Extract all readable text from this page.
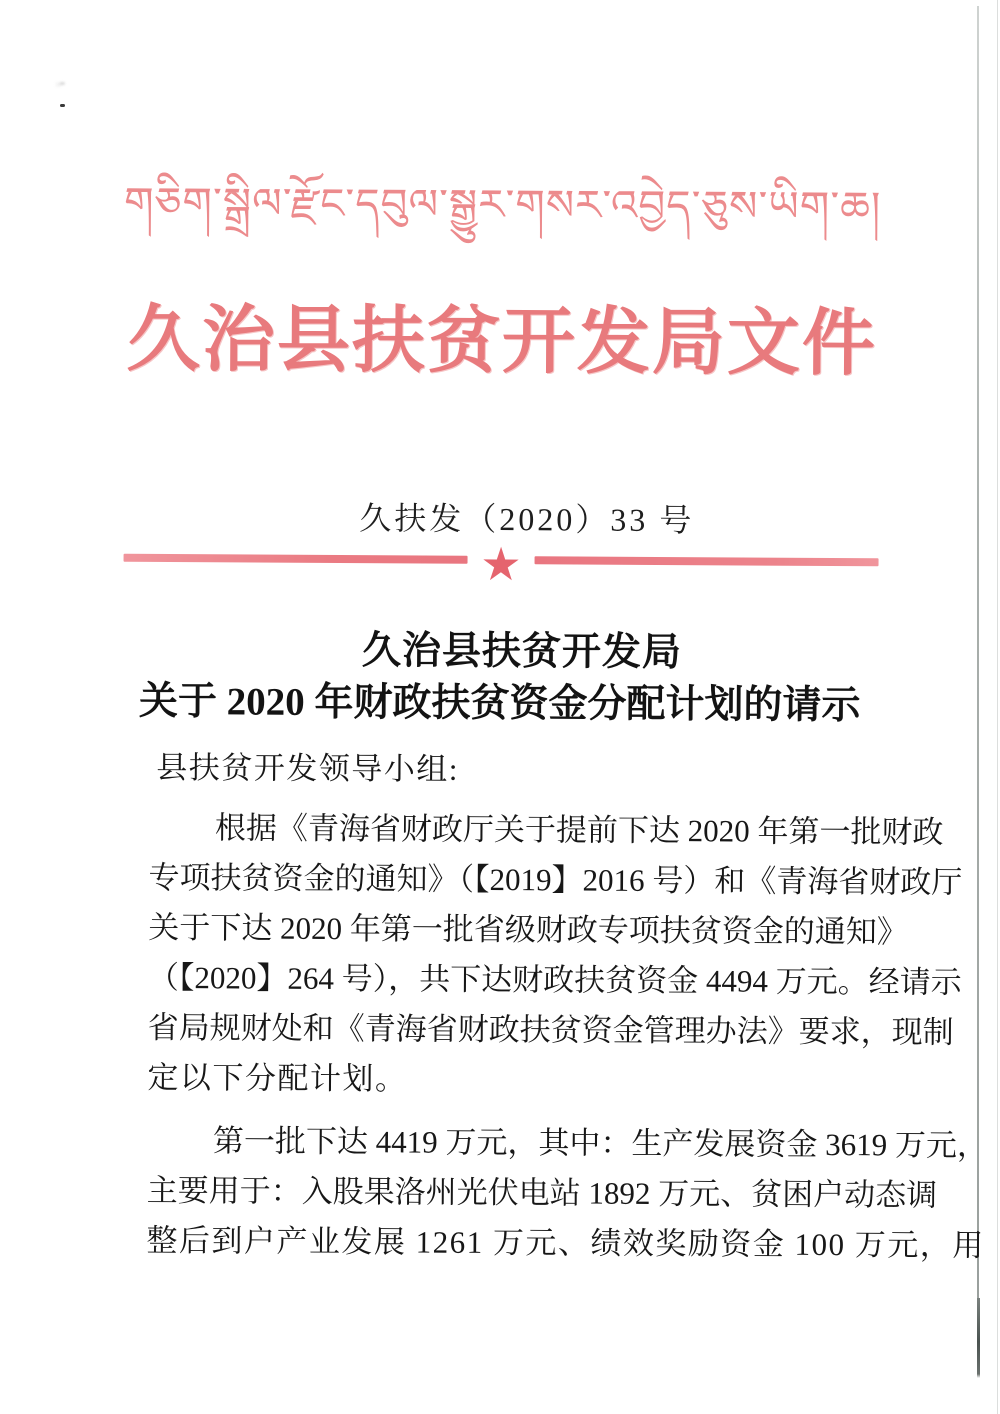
གཅིག་སྒྲིལ་རྫོང་དབུལ་སྒྱུར་གསར་འབྱེད་ཅུས་ཡིག་ཆ།
久治县扶贫开发局文件
久扶发（2020）33 号
★
久治县扶贫开发局
关于 2020 年财政扶贫资金分配计划的请示
县扶贫开发领导小组:
根据《青海省财政厅关于提前下达 2020 年第一批财政
专项扶贫资金的通知》（【2019】2016 号）和《青海省财政厅
关于下达 2020 年第一批省级财政专项扶贫资金的通知》
（【2020】264 号），共下达财政扶贫资金 4494 万元。经请示
省局规财处和《青海省财政扶贫资金管理办法》要求，现制
定以下分配计划。
第一批下达 4419 万元，其中：生产发展资金 3619 万元，
主要用于：入股果洛州光伏电站 1892 万元、贫困户动态调
整后到户产业发展 1261 万元、绩效奖励资金 100 万元，用
